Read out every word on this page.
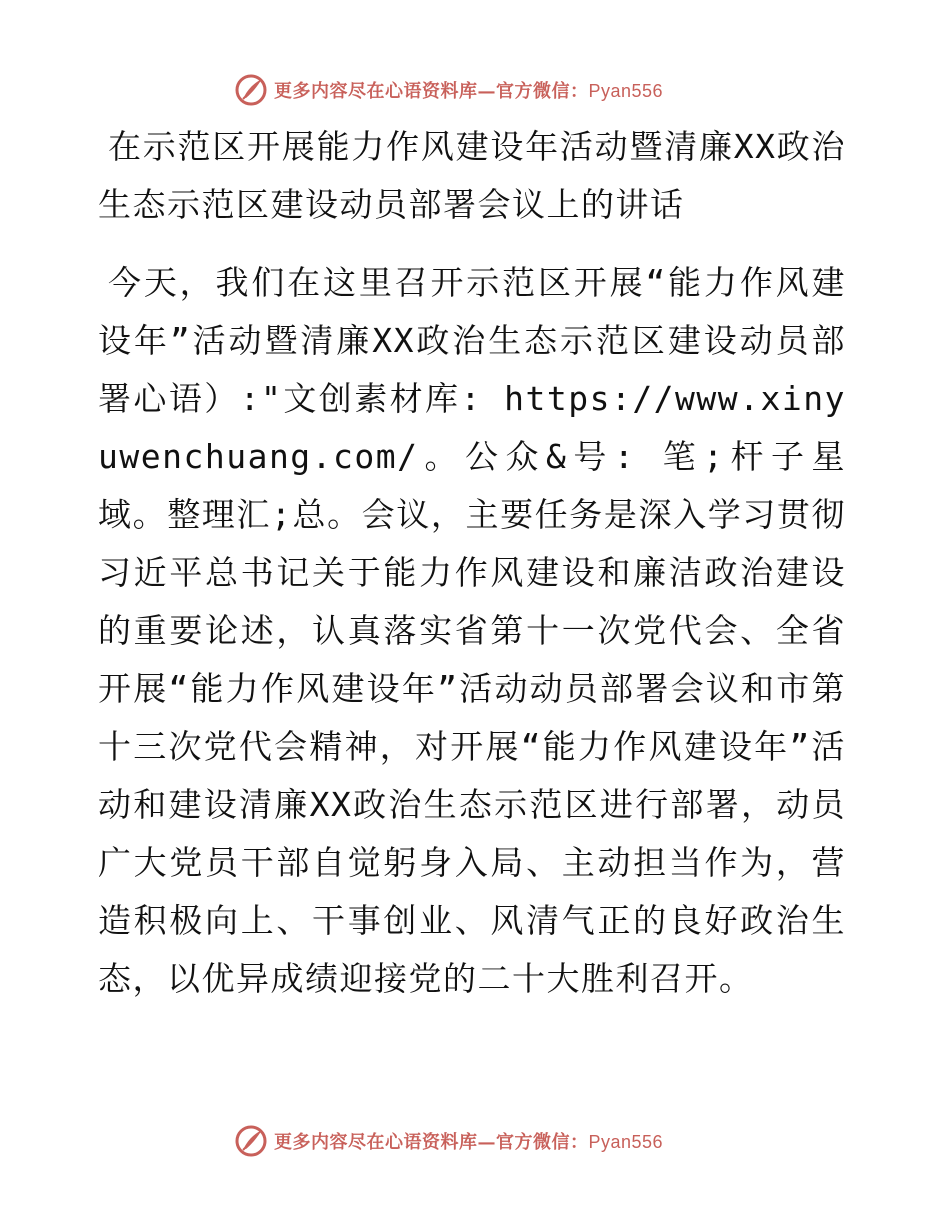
更多内容尽在心语资料库—官方微信：Pyan556
在示范区开展能力作风建设年活动暨清廉XX政治生态示范区建设动员部署会议上的讲话

今天，我们在这里召开示范区开展“能力作风建设年”活动暨清廉XX政治生态示范区建设动员部署心语）:"文创素材库: https://www.xinyuwenchuang.com/。公众&号: 笔;杆子星域。整理汇;总。会议，主要任务是深入学习贯彻习近平总书记关于能力作风建设和廉洁政治建设的重要论述，认真落实省第十一次党代会、全省开展“能力作风建设年”活动动员部署会议和市第十三次党代会精神，对开展“能力作风建设年”活动和建设清廉XX政治生态示范区进行部署，动员广大党员干部自觉躬身入局、主动担当作为，营造积极向上、干事创业、风清气正的良好政治生态，以优异成绩迎接党的二十大胜利召开。

更多内容尽在心语资料库—官方微信：Pyan556
